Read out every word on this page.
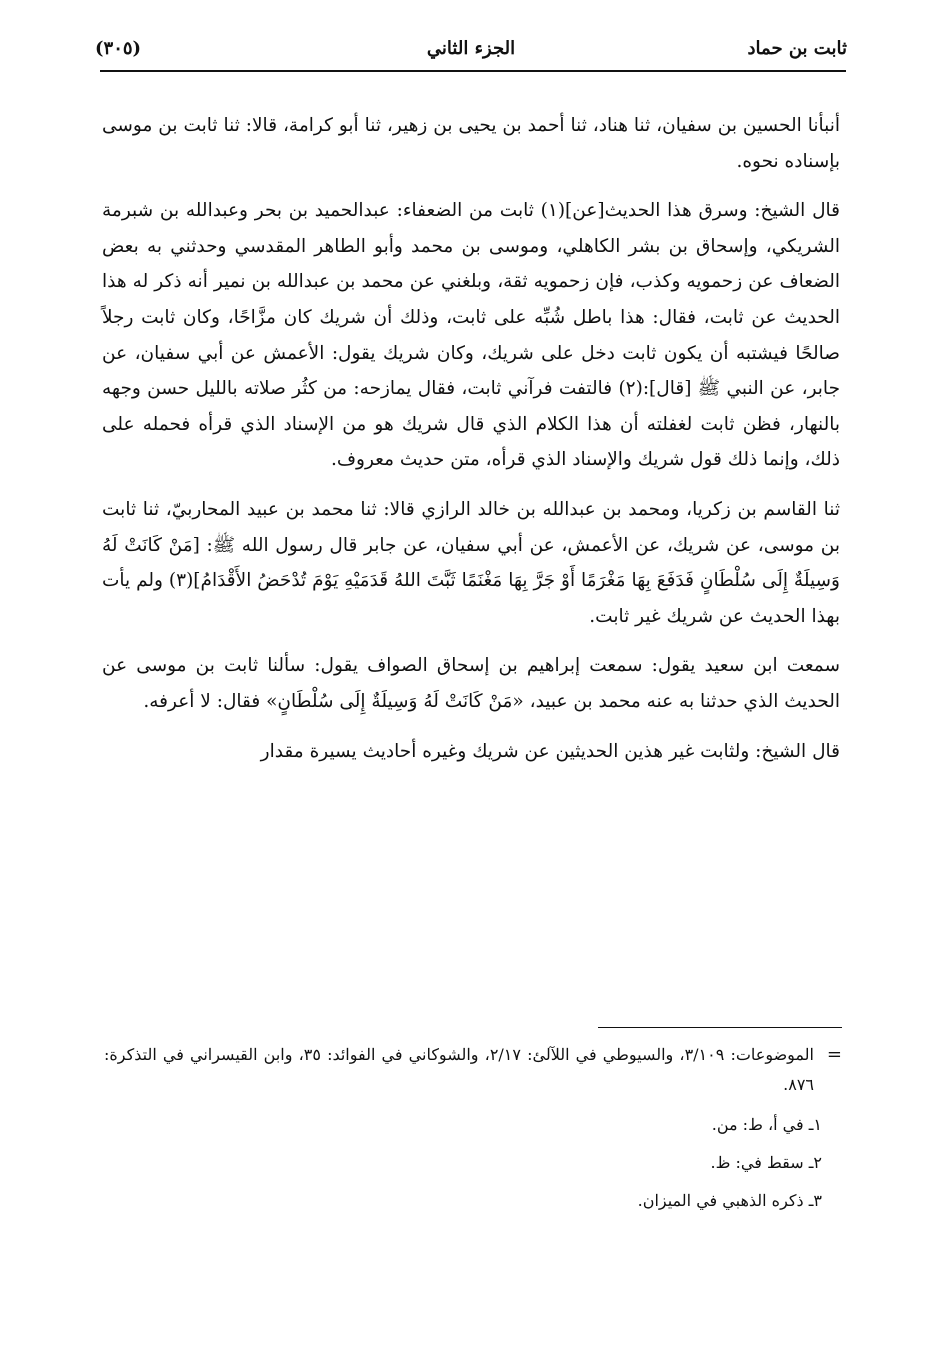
ثابت بن حماد
الجزء الثاني
(٣٠٥)

أنبأنا الحسين بن سفيان، ثنا هناد، ثنا أحمد بن يحيى بن زهير، ثنا أبو كرامة، قالا: ثنا ثابت بن موسى بإسناده نحوه.

قال الشيخ: وسرق هذا الحديث[عن](١) ثابت من الضعفاء: عبدالحميد بن بحر وعبدالله بن شبرمة الشريكي، وإسحاق بن بشر الكاهلي، وموسى بن محمد وأبو الطاهر المقدسي وحدثني به بعض الضعاف عن زحمويه وكذب، فإن زحمويه ثقة، وبلغني عن محمد بن عبدالله بن نمير أنه ذكر له هذا الحديث عن ثابت، فقال: هذا باطل شُبِّه على ثابت، وذلك أن شريك كان مزَّاحًا، وكان ثابت رجلاً صالحًا فيشتبه أن يكون ثابت دخل على شريك، وكان شريك يقول: الأعمش عن أبي سفيان، عن جابر، عن النبي ﷺ [قال]:(٢) فالتفت فرآني ثابت، فقال يمازحه: من كثُر صلاته بالليل حسن وجهه بالنهار، فظن ثابت لغفلته أن هذا الكلام الذي قال شريك هو من الإسناد الذي قرأه فحمله على ذلك، وإنما ذلك قول شريك والإسناد الذي قرأه، متن حديث معروف.

ثنا القاسم بن زكريا، ومحمد بن عبدالله بن خالد الرازي قالا: ثنا محمد بن عبيد المحاربيّ، ثنا ثابت بن موسى، عن شريك، عن الأعمش، عن أبي سفيان، عن جابر قال رسول الله ﷺ: [مَنْ كَانَتْ لَهُ وَسِيلَةٌ إِلَى سُلْطَانٍ فَدَفَعَ بِهَا مَغْرَمًا أَوْ جَرَّ بِهَا مَغْنَمًا ثَبَّتَ اللهُ قَدَمَيْهِ يَوْمَ تُدْحَضُ الأَقْدَامُ](٣) ولم يأت بهذا الحديث عن شريك غير ثابت.

سمعت ابن سعيد يقول: سمعت إبراهيم بن إسحاق الصواف يقول: سألنا ثابت بن موسى عن الحديث الذي حدثنا به عنه محمد بن عبيد، «مَنْ كَانَتْ لَهُ وَسِيلَةٌ إِلَى سُلْطَانٍ» فقال: لا أعرفه.

قال الشيخ: ولثابت غير هذين الحديثين عن شريك وغيره أحاديث يسيرة مقدار

=
الموضوعات: ٣/١٠٩، والسيوطي في اللآلئ: ٢/١٧، والشوكاني في الفوائد: ٣٥، وابن القيسراني في التذكرة: ٨٧٦.

١ـ في أ، ط: من.

٢ـ سقط في: ظ.

٣ـ ذكره الذهبي في الميزان.
